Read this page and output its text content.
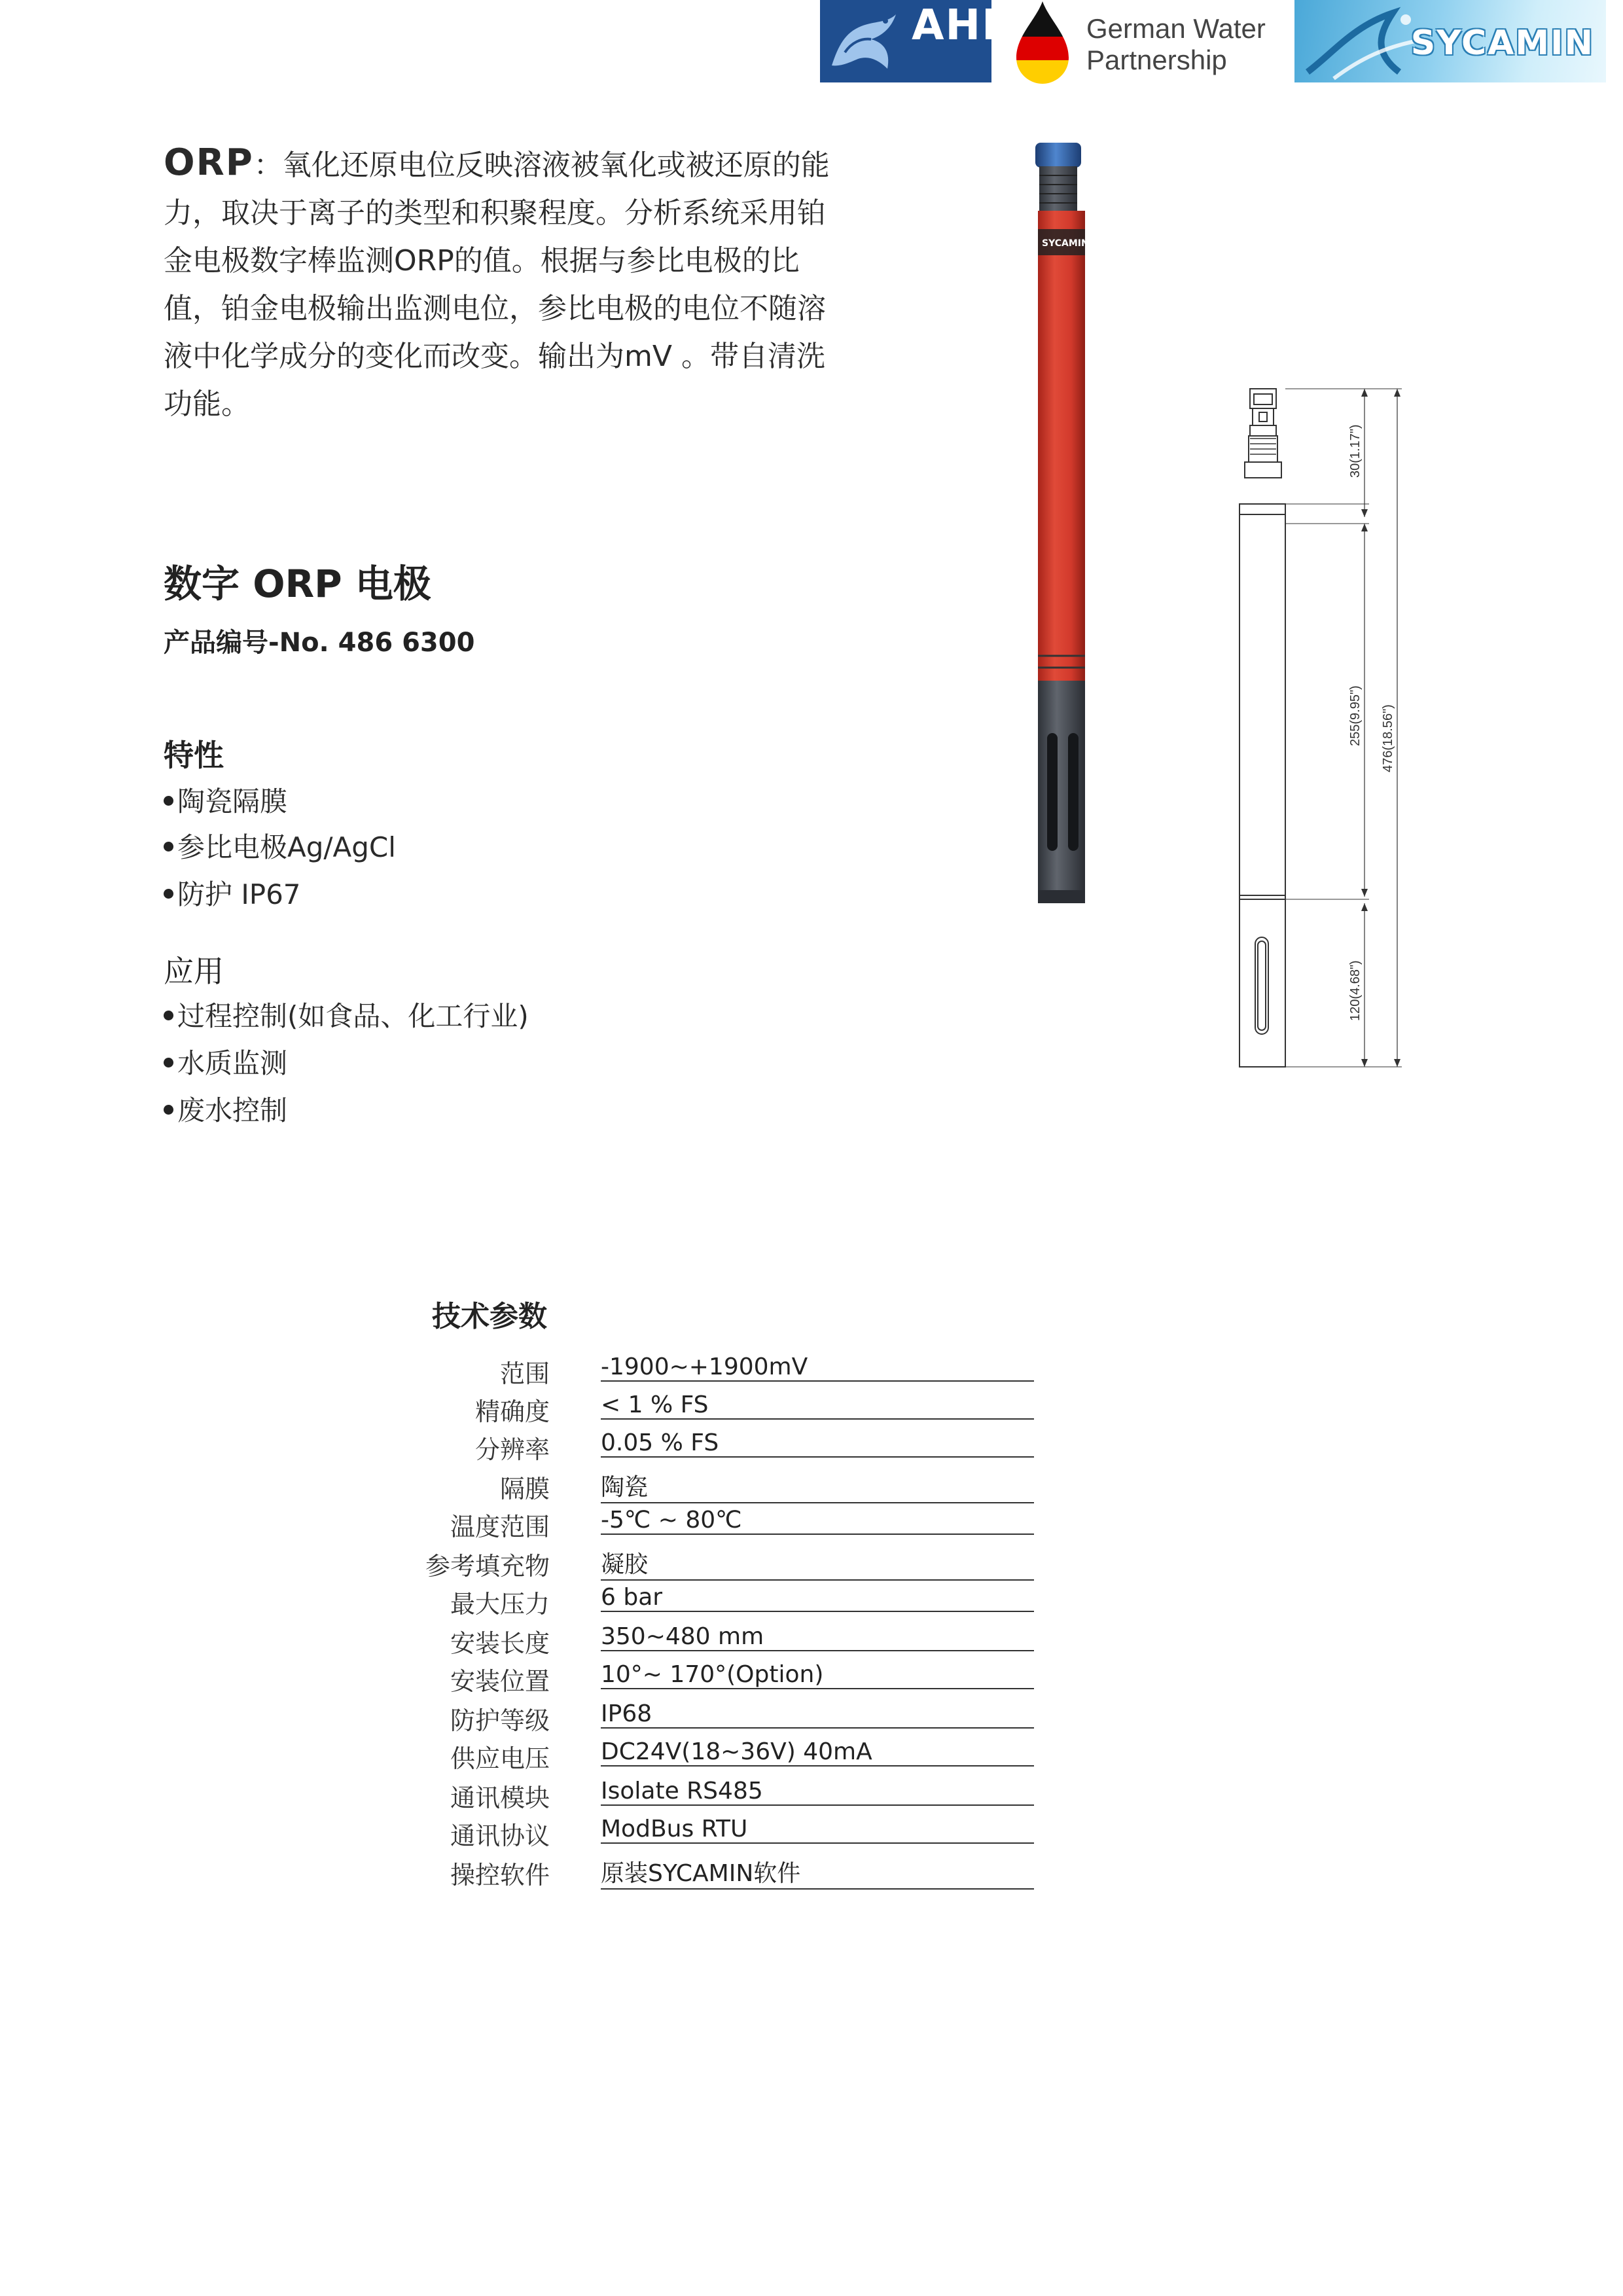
AHK	German Water
Partnership	SYCAMIN
ORP：氧化还原电位反映溶液被氧化或被还原的能力，取决于离子的类型和积聚程度。分析系统采用铂金电极数字棒监测ORP的值。根据与参比电极的比值，铂金电极输出监测电位，参比电极的电位不随溶液中化学成分的变化而改变。输出为mV 。带自清洗功能。
数字 ORP 电极
产品编号-No. 486 6300
特性
陶瓷隔膜
参比电极Ag/AgCl
防护 IP67
应用
过程控制(如食品、化工行业)
水质监测
废水控制
SYCAMIN
30(1.17")
255(9.95") 476(18.56")
120(4.68")
技术参数
范围 -1900~+1900mV
精确度 < 1 % FS
分辨率 0.05 % FS
隔膜 陶瓷
温度范围 -5℃ ~ 80℃
参考填充物 凝胶
最大压力 6 bar
安装长度 350~480 mm
安装位置 10°~ 170°(Option)
防护等级 IP68
供应电压 DC24V(18~36V) 40mA
通讯模块 Isolate RS485
通讯协议 ModBus RTU
操控软件 原装SYCAMIN软件
